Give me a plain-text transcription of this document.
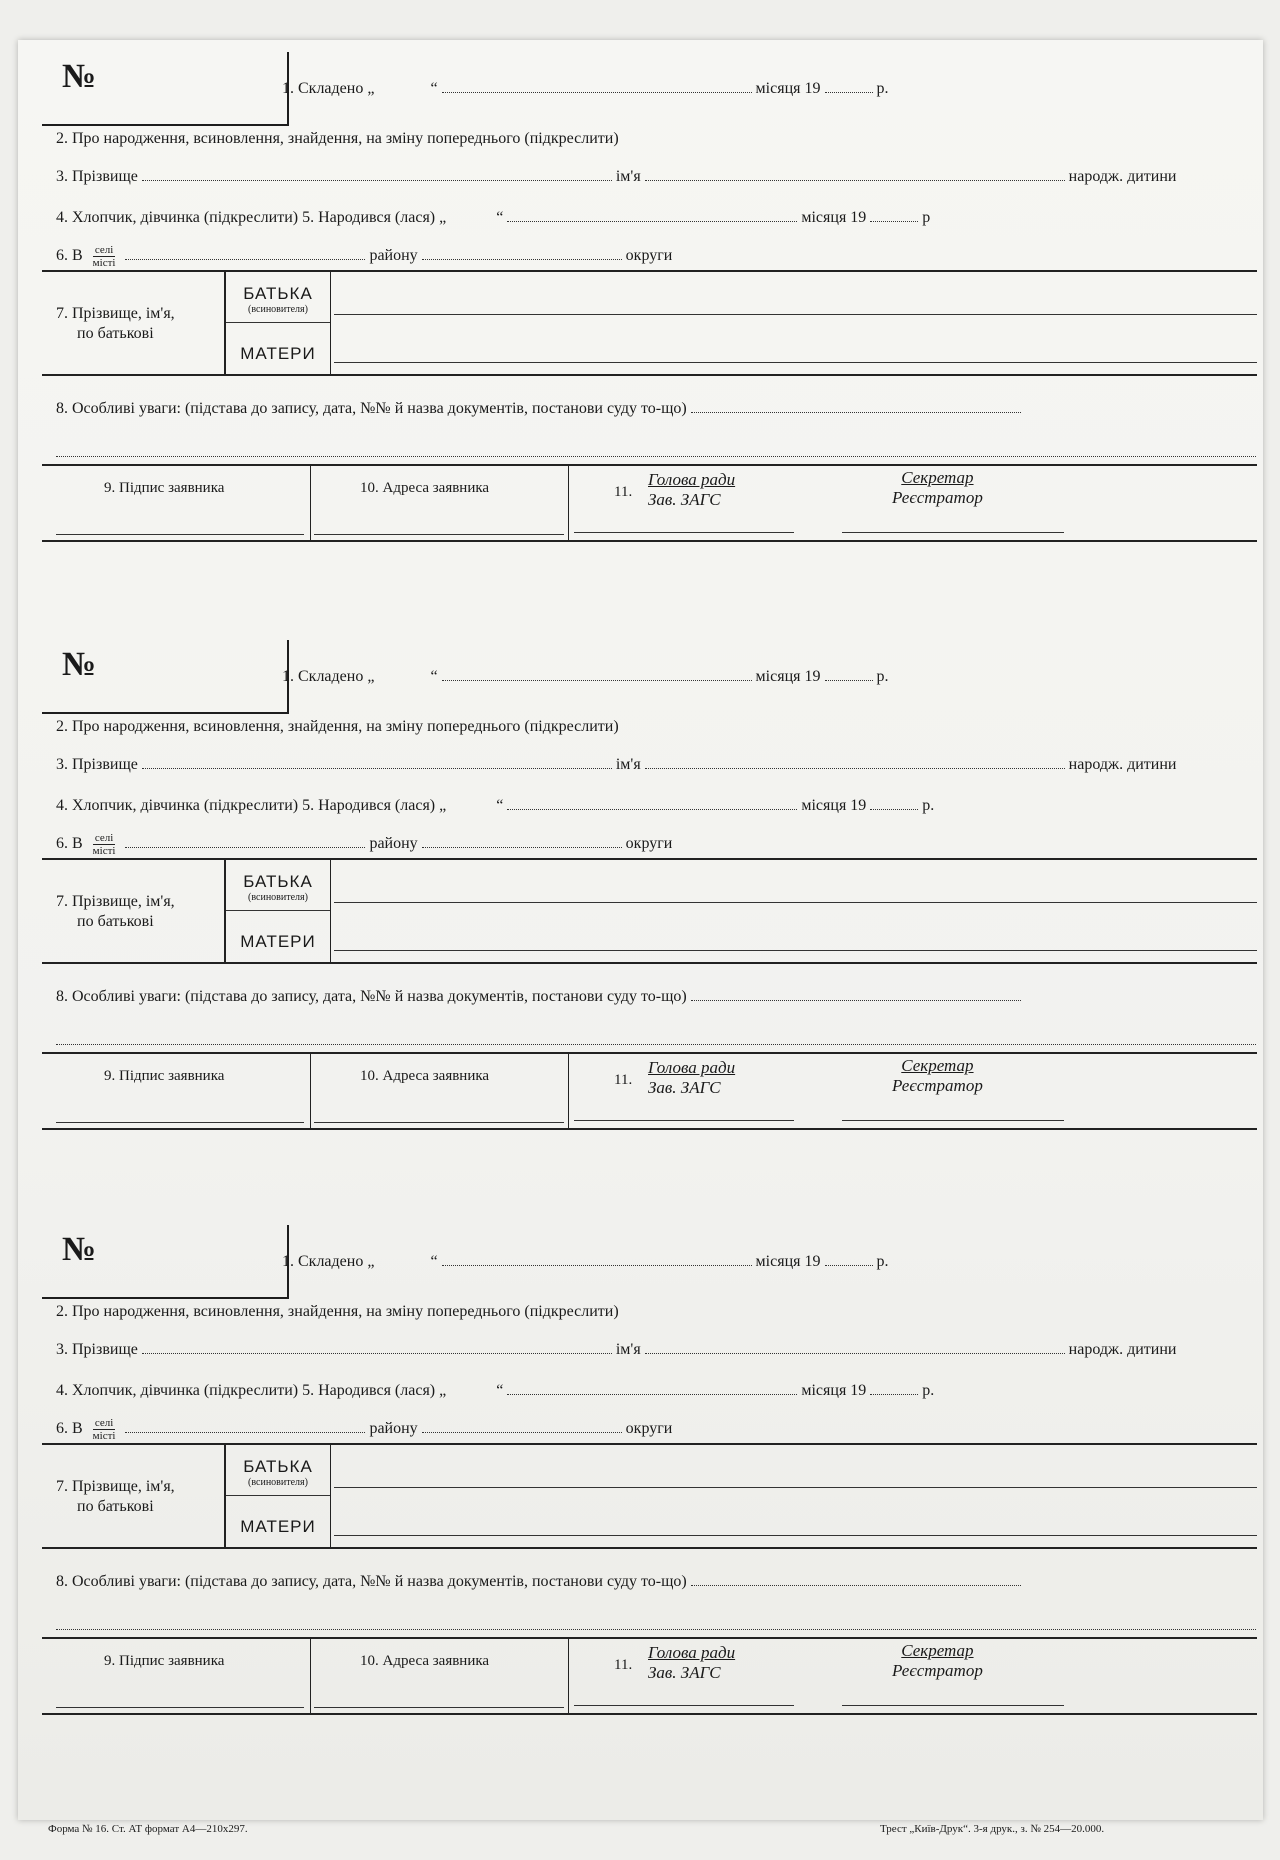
№	1. Складено „	“	місяця 19	р.
2. Про народження, всиновлення, знайдення, на зміну попереднього (підкреслити)
3. Прізвище	ім'я	народж. дитини
4. Хлопчик, дівчинка (підкреслити) 5. Народився (лася) „	“	місяця 19	р
6. В $\frac{\text{селі}}{\text{місті}}$	району	округи
7. Прізвище, ім'я,
по батькові
БАТЬКА
(всиновителя)
МАТЕРИ
8. Особливі уваги: (підстава до запису, дата, №№ й назва документів, постанови суду то-що)
9. Підпис заявника	10. Адреса заявника	11.
Голова ради
Зав. ЗАГС
Секретар
Реєстратор
№	1. Складено „	“	місяця 19	р.
2. Про народження, всиновлення, знайдення, на зміну попереднього (підкреслити)
3. Прізвище	ім'я	народж. дитини
4. Хлопчик, дівчинка (підкреслити) 5. Народився (лася) „	“	місяця 19	р.
6. В $\frac{\text{селі}}{\text{місті}}$	району	округи
7. Прізвище, ім'я,
по батькові
БАТЬКА
(всиновителя)
МАТЕРИ
8. Особливі уваги: (підстава до запису, дата, №№ й назва документів, постанови суду то-що)
9. Підпис заявника	10. Адреса заявника	11.
Голова ради
Зав. ЗАГС
Секретар
Реєстратор
№	1. Складено „	“	місяця 19	р.
2. Про народження, всиновлення, знайдення, на зміну попереднього (підкреслити)
3. Прізвище	ім'я	народж. дитини
4. Хлопчик, дівчинка (підкреслити) 5. Народився (лася) „	“	місяця 19	р.
6. В $\frac{\text{селі}}{\text{місті}}$	району	округи
7. Прізвище, ім'я,
по батькові
БАТЬКА
(всиновителя)
МАТЕРИ
8. Особливі уваги: (підстава до запису, дата, №№ й назва документів, постанови суду то-що)
9. Підпис заявника	10. Адреса заявника	11.
Голова ради
Зав. ЗАГС
Секретар
Реєстратор
Форма № 16. Ст. АТ формат А4—210х297.	Трест „Київ-Друк“. 3-я друк., з. № 254—20.000.
